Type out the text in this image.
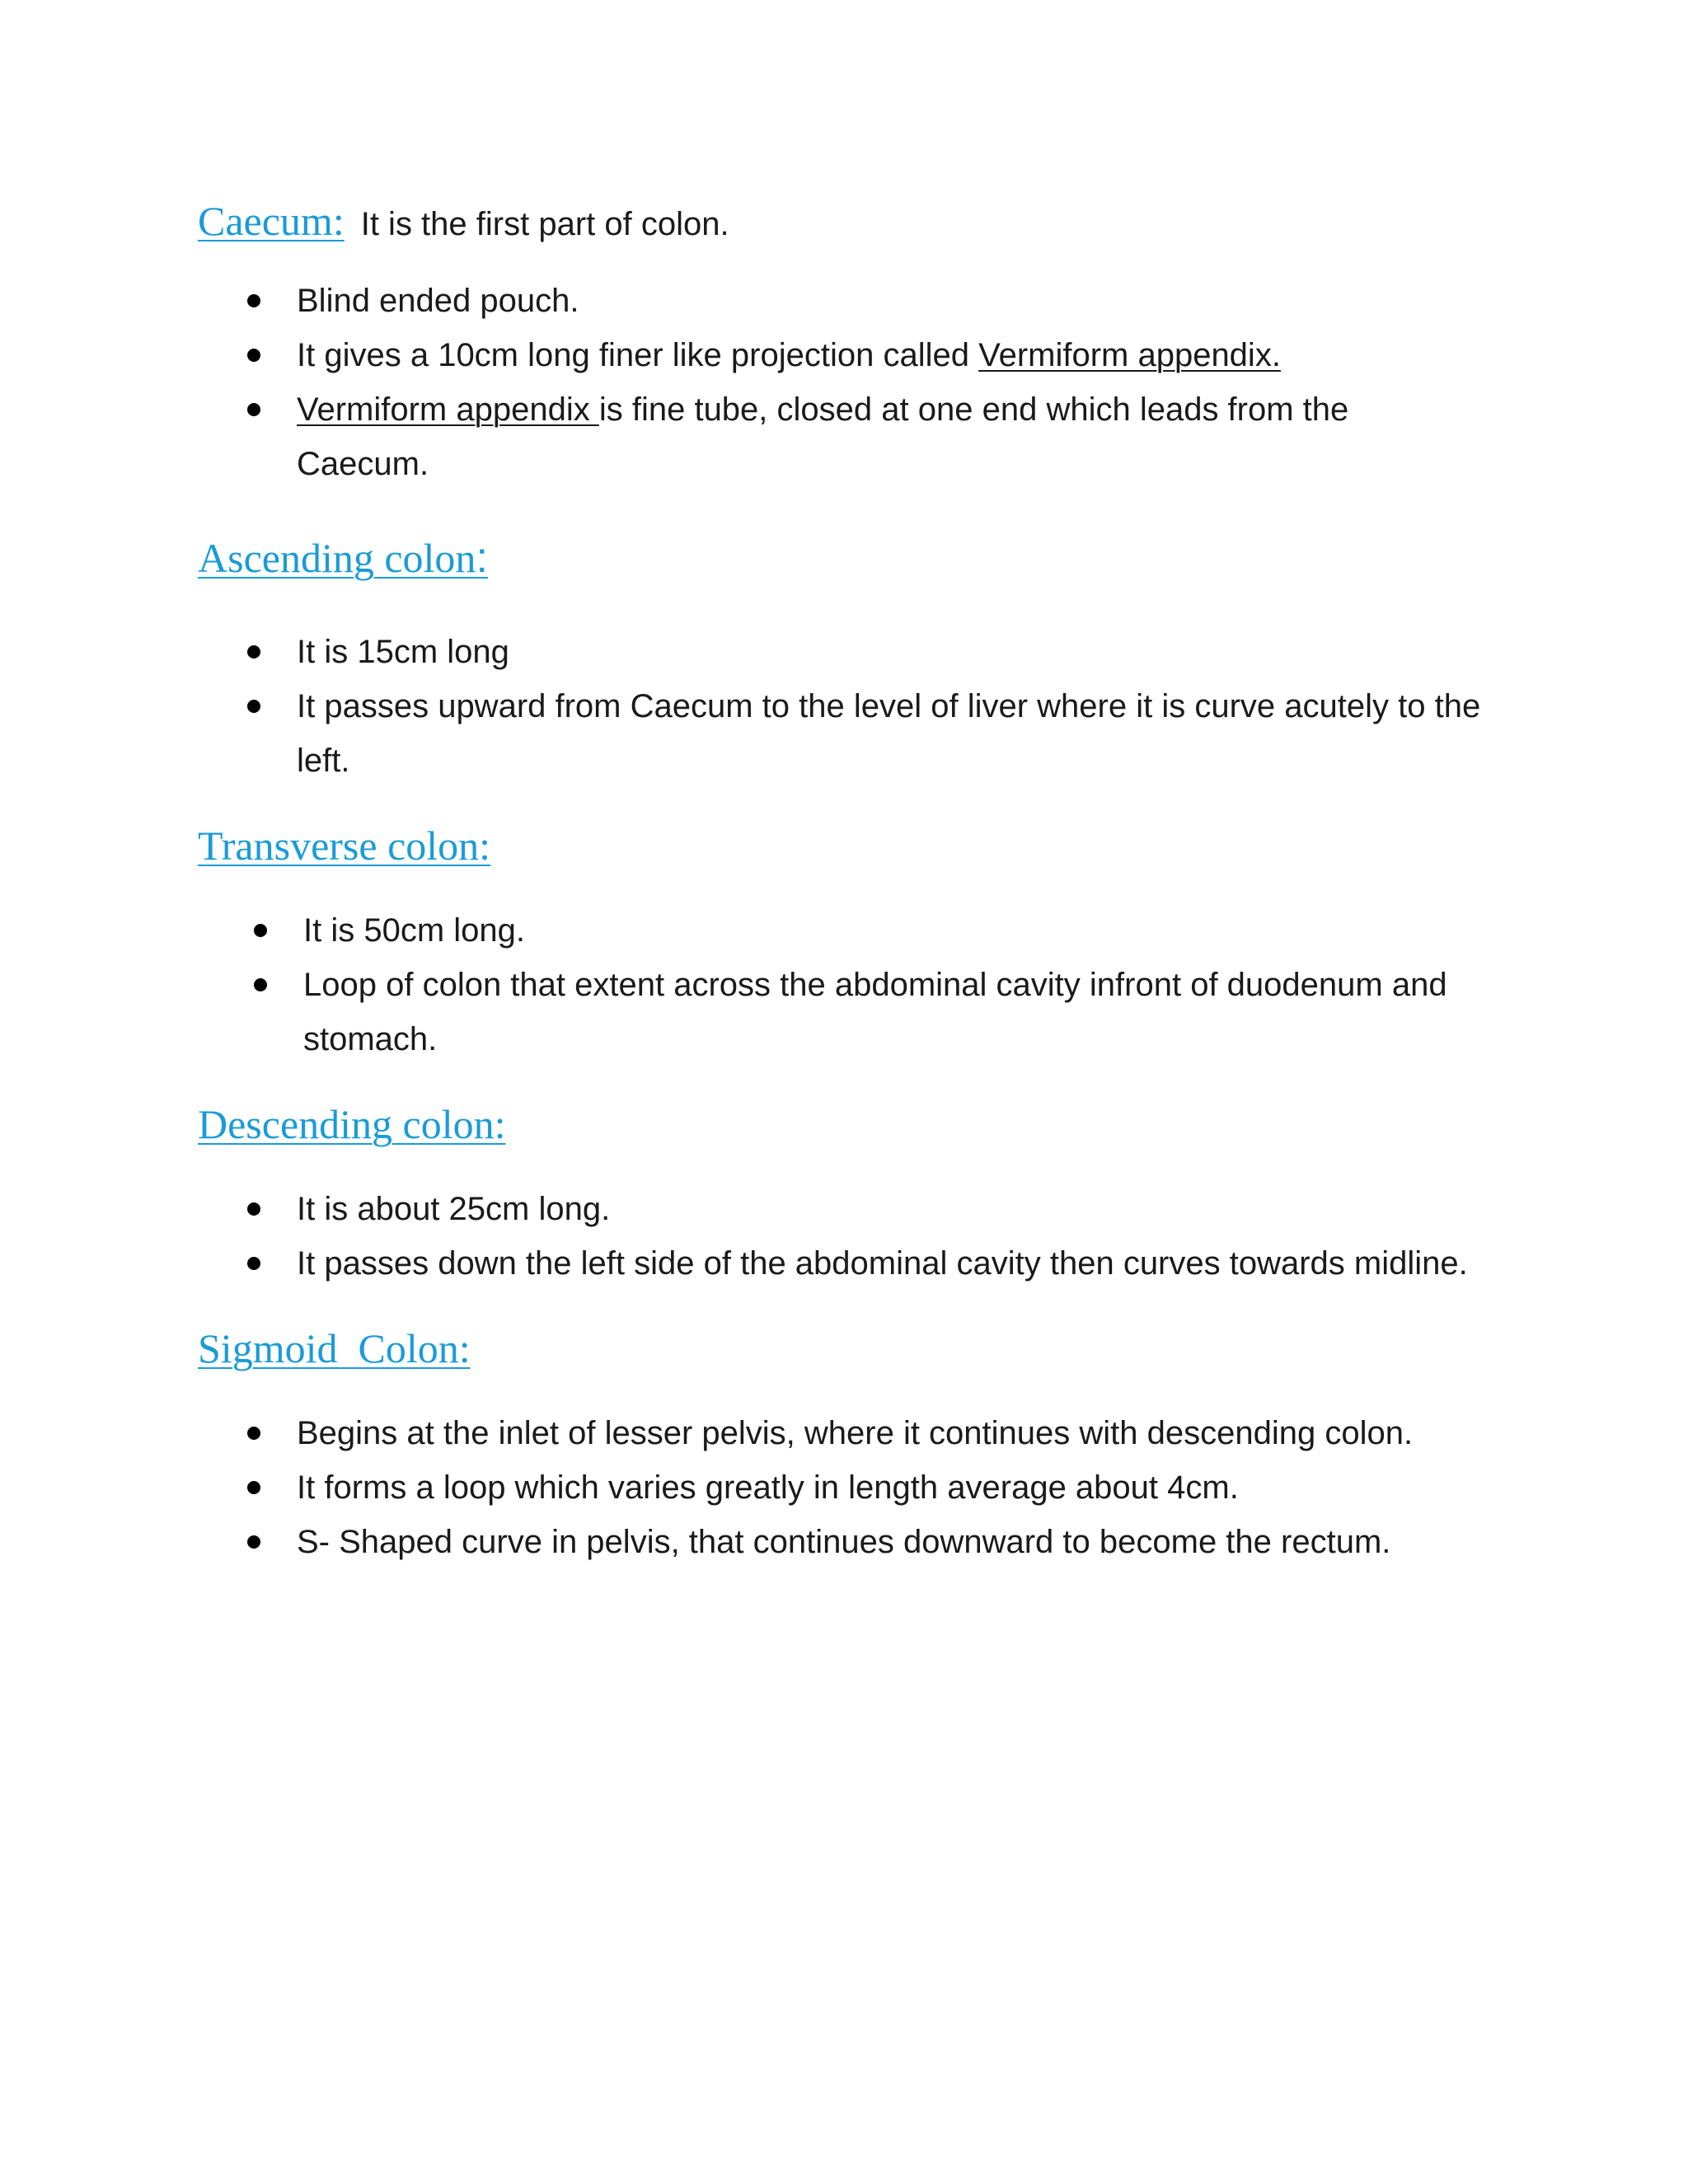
Caecum: It is the first part of colon.

Blind ended pouch.
It gives a 10cm long finer like projection called Vermiform appendix.
Vermiform appendix is fine tube, closed at one end which leads from the Caecum.

Ascending colon:

It is 15cm long
It passes upward from Caecum to the level of liver where it is curve acutely to the left.

Transverse colon:

It is 50cm long.
Loop of colon that extent across the abdominal cavity infront of duodenum and stomach.

Descending colon:

It is about 25cm long.
It passes down the left side of the abdominal cavity then curves towards midline.

Sigmoid  Colon:

Begins at the inlet of lesser pelvis, where it continues with descending colon.
It forms a loop which varies greatly in length average about 4cm.
S- Shaped curve in pelvis, that continues downward to become the rectum.
